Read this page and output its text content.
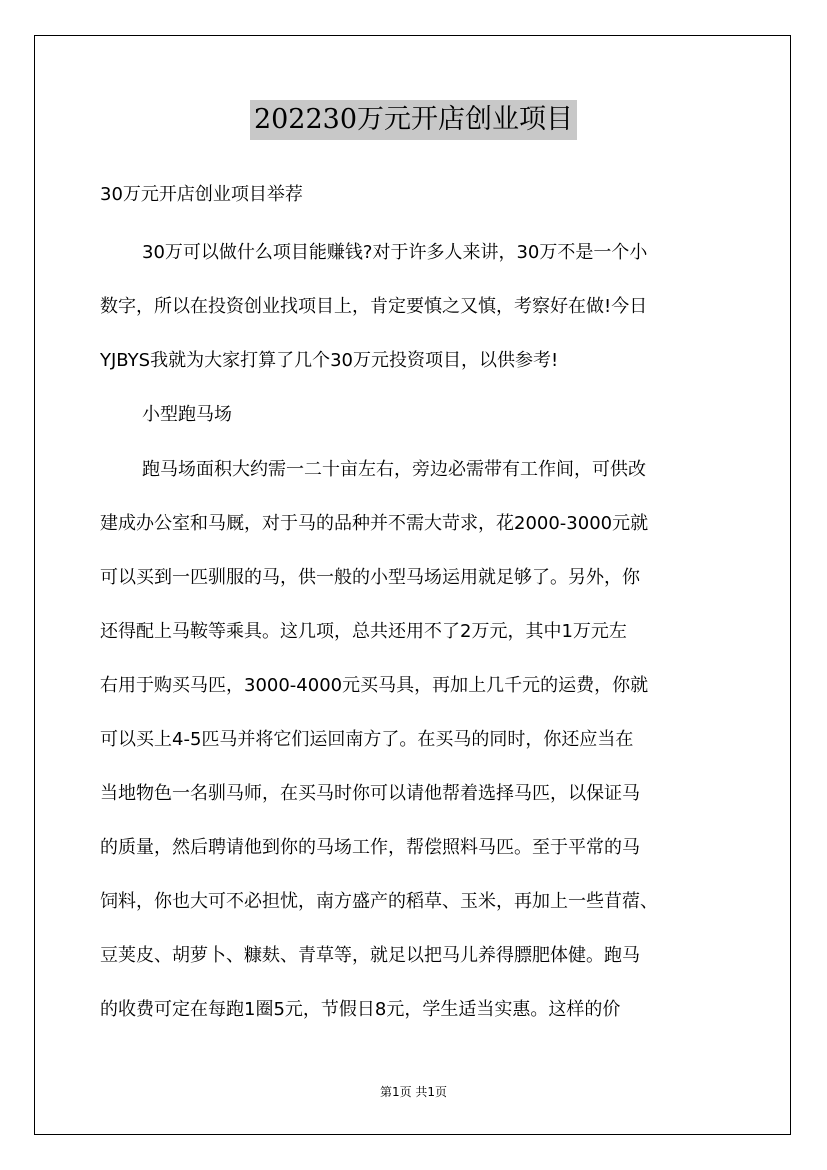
202230万元开店创业项目
30万元开店创业项目举荐
30万可以做什么项目能赚钱?对于许多人来讲，30万不是一个小
数字，所以在投资创业找项目上，肯定要慎之又慎，考察好在做!今日
YJBYS我就为大家打算了几个30万元投资项目，以供参考!
小型跑马场
跑马场面积大约需一二十亩左右，旁边必需带有工作间，可供改
建成办公室和马厩，对于马的品种并不需大苛求，花2000-3000元就
可以买到一匹驯服的马，供一般的小型马场运用就足够了。另外，你
还得配上马鞍等乘具。这几项，总共还用不了2万元，其中1万元左
右用于购买马匹，3000-4000元买马具，再加上几千元的运费，你就
可以买上4-5匹马并将它们运回南方了。在买马的同时，你还应当在
当地物色一名驯马师，在买马时你可以请他帮着选择马匹，以保证马
的质量，然后聘请他到你的马场工作，帮偿照料马匹。至于平常的马
饲料，你也大可不必担忧，南方盛产的稻草、玉米，再加上一些苜蓿、
豆荚皮、胡萝卜、糠麸、青草等，就足以把马儿养得膘肥体健。跑马
的收费可定在每跑1圈5元，节假日8元，学生适当实惠。这样的价
第1页 共1页
